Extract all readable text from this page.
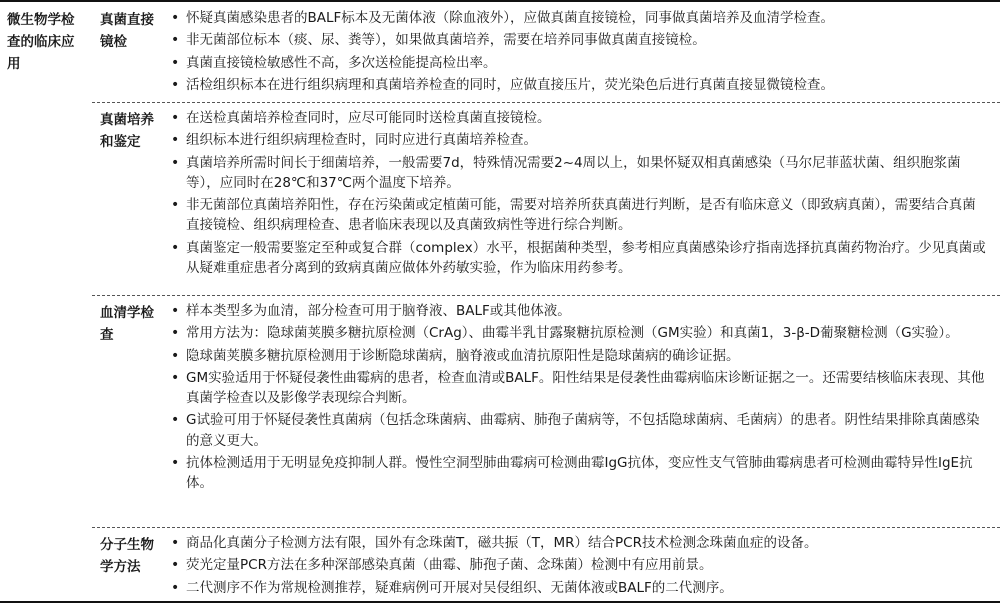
微生物学检查的临床应用
真菌直接镜检
• 怀疑真菌感染患者的BALF标本及无菌体液（除血液外），应做真菌直接镜检，同事做真菌培养及血清学检查。
• 非无菌部位标本（痰、尿、粪等），如果做真菌培养，需要在培养同事做真菌直接镜检。
• 真菌直接镜检敏感性不高，多次送检能提高检出率。
• 活检组织标本在进行组织病理和真菌培养检查的同时，应做直接压片，荧光染色后进行真菌直接显微镜检查。
真菌培养和鉴定
• 在送检真菌培养检查同时，应尽可能同时送检真菌直接镜检。
• 组织标本进行组织病理检查时，同时应进行真菌培养检查。
• 真菌培养所需时间长于细菌培养，一般需要7d，特殊情况需要2~4周以上，如果怀疑双相真菌感染（马尔尼菲蓝状菌、组织胞浆菌等），应同时在28℃和37℃两个温度下培养。
• 非无菌部位真菌培养阳性，存在污染菌或定植菌可能，需要对培养所获真菌进行判断，是否有临床意义（即致病真菌），需要结合真菌直接镜检、组织病理检查、患者临床表现以及真菌致病性等进行综合判断。
• 真菌鉴定一般需要鉴定至种或复合群（complex）水平，根据菌种类型，参考相应真菌感染诊疗指南选择抗真菌药物治疗。少见真菌或从疑难重症患者分离到的致病真菌应做体外药敏实验，作为临床用药参考。
血清学检查
• 样本类型多为血清，部分检查可用于脑脊液、BALF或其他体液。
• 常用方法为：隐球菌荚膜多糖抗原检测（CrAg）、曲霉半乳甘露聚糖抗原检测（GM实验）和真菌1，3-β-D葡聚糖检测（G实验）。
• 隐球菌荚膜多糖抗原检测用于诊断隐球菌病，脑脊液或血清抗原阳性是隐球菌病的确诊证据。
• GM实验适用于怀疑侵袭性曲霉病的患者，检查血清或BALF。阳性结果是侵袭性曲霉病临床诊断证据之一。还需要结核临床表现、其他真菌学检查以及影像学表现综合判断。
• G试验可用于怀疑侵袭性真菌病（包括念珠菌病、曲霉病、肺孢子菌病等，不包括隐球菌病、毛菌病）的患者。阴性结果排除真菌感染的意义更大。
• 抗体检测适用于无明显免疫抑制人群。慢性空洞型肺曲霉病可检测曲霉IgG抗体，变应性支气管肺曲霉病患者可检测曲霉特异性IgE抗体。
分子生物学方法
• 商品化真菌分子检测方法有限，国外有念珠菌T，磁共振（T，MR）结合PCR技术检测念珠菌血症的设备。
• 荧光定量PCR方法在多种深部感染真菌（曲霉、肺孢子菌、念珠菌）检测中有应用前景。
• 二代测序不作为常规检测推荐，疑难病例可开展对吴侵组织、无菌体液或BALF的二代测序。
